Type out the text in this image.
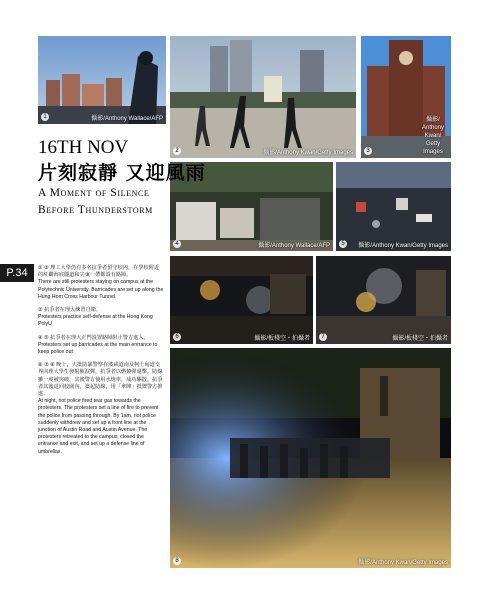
1	攝影/Anthony Wallace/AFP
2	攝影/Anthony Kwan/Getty Images	3
攝影/ Anthony Kwan/ Getty Images
4	攝影/Anthony Wallace/AFP	5	攝影/Anthony Kwan/Getty Images
6	攝影/板棧空・拍攝者	7	攝影/板棧空・拍攝者
8	攝影/Anthony Kwan/Getty Images
16TH NOV
片刻寂靜 又迎風雨
A Moment of Silence Before Thunderstorm
P.34	① ③ 理工大學仍有多名抗爭者留守校內，在學校附近的紅磡海底隧道和尖東一帶都設有路障。

There are still protesters staying on campus at the Polytechnic University. Barricades are set up along the Hung Hom Cross Harbour Tunnel.

② 抗爭者在理大練習自衛。

Protesters practice self-defense at the Hong Kong PolyU

④ ⑤ 抗爭者在理大正門設置路障阻止警方進入。

Protesters set up barricades at the main entrance to keep police out

⑥ ⑦ ⑧ 晚上，大批防暴警察在漆咸道南及柯士甸道交界向理大學生發射催淚彈，抗爭者以燃燒彈還擊。防線雖一度被突破，其後警方使用水炮車，成功驅散。抗爭者其後退回校園內，築起防線，用「傘陣」抵禦警方推進。

At night, riot police fired tear gas towards the protesters. The protesters set a line of fire to prevent the police from passing through. By 1am, riot police suddenly withdrew and set up a front line at the junction of Austin Road and Austin Avenue. The protesters retreated to the campus, closed the entrance and exit, and set up a defense line of umbrellas.
